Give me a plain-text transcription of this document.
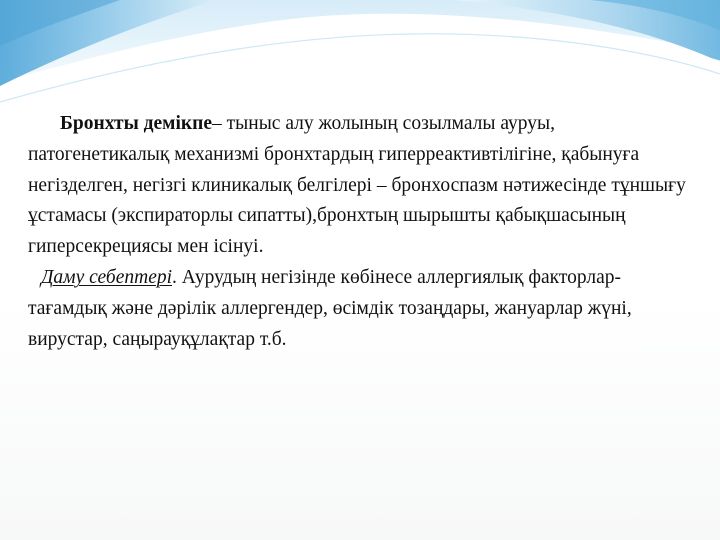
Бронхты демікпе– тыныс алу жолының созылмалы ауруы, патогенетикалық механизмі бронхтардың гиперреактивтілігіне, қабынуға негізделген, негізгі клиникалық белгілері – бронхоспазм нәтижесінде тұншығу ұстамасы (экспираторлы сипатты),бронхтың шырышты қабықшасының гиперсекрециясы мен ісінуі.

Даму себептері. Аурудың негізінде көбінесе аллергиялық факторлар-тағамдық және дәрілік аллергендер, өсімдік тозаңдары, жануарлар жүні, вирустар, саңырауқұлақтар т.б.
